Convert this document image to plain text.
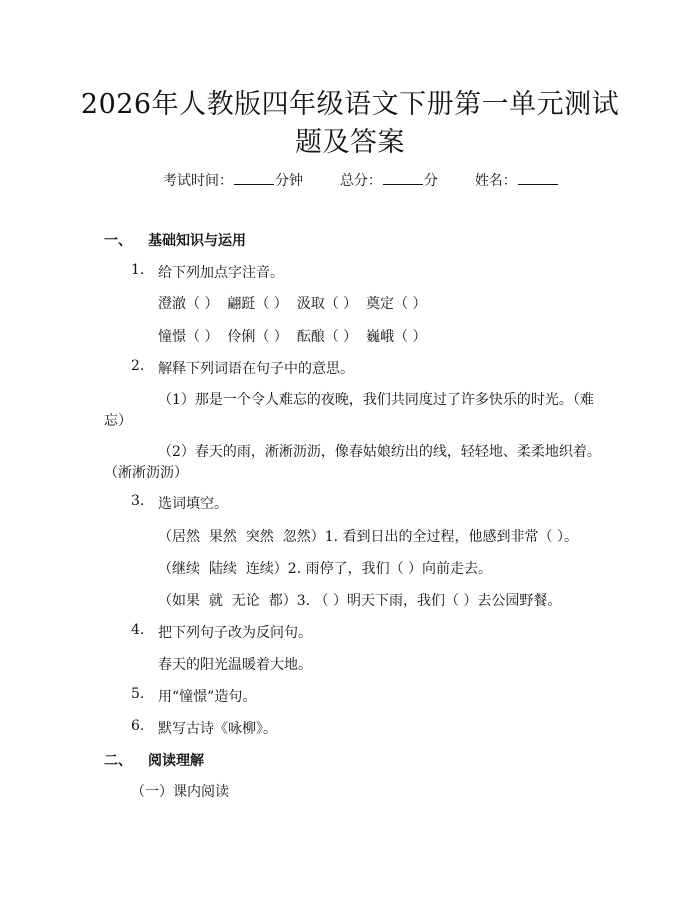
2026年人教版四年级语文下册第一单元测试
题及答案
考试时间：	分钟	总分：	分	姓名：
一、 基础知识与运用
1. 给下列加点字注音。
澄澈（ ）  翩跹（ ）  汲取（ ）  奠定（ ）
憧憬（ ）  伶俐（ ）  酝酿（ ）  巍峨（ ）
2. 解释下列词语在句子中的意思。
（1）那是一个令人难忘的夜晚，我们共同度过了许多快乐的时光。（难
忘）
（2）春天的雨，淅淅沥沥，像春姑娘纺出的线，轻轻地、柔柔地织着。
（淅淅沥沥）
3. 选词填空。
（居然  果然  突然  忽然）1. 看到日出的全过程，他感到非常（ ）。
（继续  陆续  连续）2. 雨停了，我们（ ）向前走去。
（如果  就  无论  都）3. （ ）明天下雨，我们（ ）去公园野餐。
4. 把下列句子改为反问句。
春天的阳光温暖着大地。
5. 用“憧憬”造句。
6. 默写古诗《咏柳》。
二、 阅读理解
（一）课内阅读
